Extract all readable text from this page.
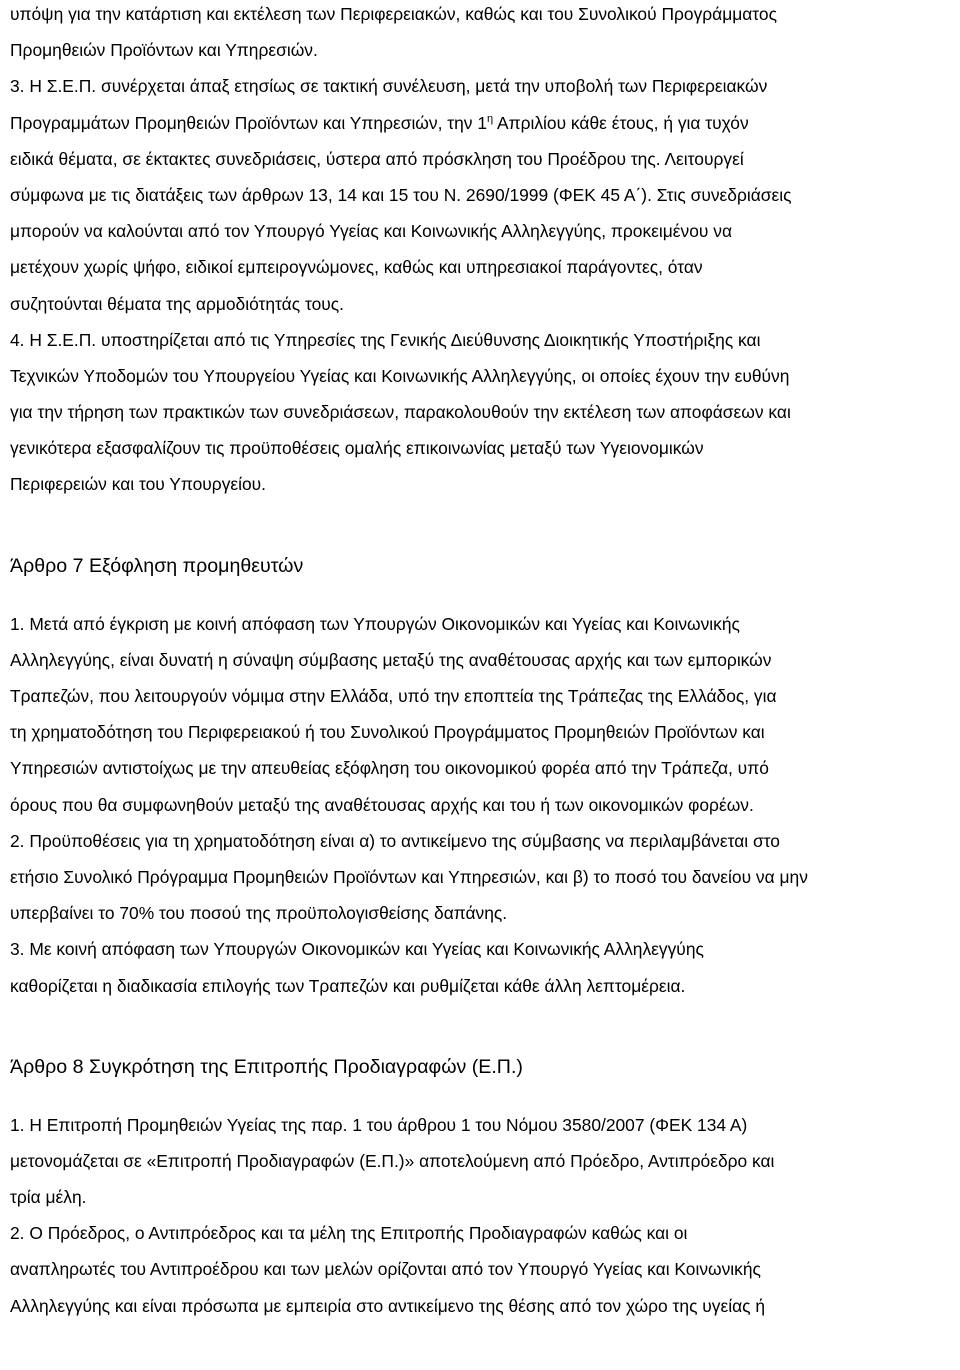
υπόψη για την κατάρτιση και εκτέλεση των Περιφερειακών, καθώς και του Συνολικού Προγράμματος
Προμηθειών Προϊόντων και Υπηρεσιών.
3. Η Σ.Ε.Π. συνέρχεται άπαξ ετησίως σε τακτική συνέλευση, μετά την υποβολή των Περιφερειακών
Προγραμμάτων Προμηθειών Προϊόντων και Υπηρεσιών, την $1^\eta$ Απριλίου κάθε έτους, ή για τυχόν
ειδικά θέματα, σε έκτακτες συνεδριάσεις, ύστερα από πρόσκληση του Προέδρου της. Λειτουργεί
σύμφωνα με τις διατάξεις των άρθρων 13, 14 και 15 του Ν. 2690/1999 (ΦΕΚ 45 Α΄). Στις συνεδριάσεις
μπορούν να καλούνται από τον Υπουργό Υγείας και Κοινωνικής Αλληλεγγύης, προκειμένου να
μετέχουν χωρίς ψήφο, ειδικοί εμπειρογνώμονες, καθώς και υπηρεσιακοί παράγοντες, όταν
συζητούνται θέματα της αρμοδιότητάς τους.
4. Η Σ.Ε.Π. υποστηρίζεται από τις Υπηρεσίες της Γενικής Διεύθυνσης Διοικητικής Υποστήριξης και
Τεχνικών Υποδομών του Υπουργείου Υγείας και Κοινωνικής Αλληλεγγύης, οι οποίες έχουν την ευθύνη
για την τήρηση των πρακτικών των συνεδριάσεων, παρακολουθούν την εκτέλεση των αποφάσεων και
γενικότερα εξασφαλίζουν τις προϋποθέσεις ομαλής επικοινωνίας μεταξύ των Υγειονομικών
Περιφερειών και του Υπουργείου.
Άρθρο 7 Εξόφληση προμηθευτών
1. Μετά από έγκριση με κοινή απόφαση των Υπουργών Οικονομικών και Υγείας και Κοινωνικής
Αλληλεγγύης, είναι δυνατή η σύναψη σύμβασης μεταξύ της αναθέτουσας αρχής και των εμπορικών
Τραπεζών, που λειτουργούν νόμιμα στην Ελλάδα, υπό την εποπτεία της Τράπεζας της Ελλάδος, για
τη χρηματοδότηση του Περιφερειακού ή του Συνολικού Προγράμματος Προμηθειών Προϊόντων και
Υπηρεσιών αντιστοίχως με την απευθείας εξόφληση του οικονομικού φορέα από την Τράπεζα, υπό
όρους που θα συμφωνηθούν μεταξύ της αναθέτουσας αρχής και του ή των οικονομικών φορέων.
2. Προϋποθέσεις για τη χρηματοδότηση είναι α) το αντικείμενο της σύμβασης να περιλαμβάνεται στο
ετήσιο Συνολικό Πρόγραμμα Προμηθειών Προϊόντων και Υπηρεσιών, και β) το ποσό του δανείου να μην
υπερβαίνει το 70% του ποσού της προϋπολογισθείσης δαπάνης.
3. Με κοινή απόφαση των Υπουργών Οικονομικών και Υγείας και Κοινωνικής Αλληλεγγύης
καθορίζεται η διαδικασία επιλογής των Τραπεζών και ρυθμίζεται κάθε άλλη λεπτομέρεια.
Άρθρο 8 Συγκρότηση της Επιτροπής Προδιαγραφών (Ε.Π.)
1. Η Επιτροπή Προμηθειών Υγείας της παρ. 1 του άρθρου 1 του Νόμου 3580/2007 (ΦΕΚ 134 Α)
μετονομάζεται σε «Επιτροπή Προδιαγραφών (Ε.Π.)» αποτελούμενη από Πρόεδρο, Αντιπρόεδρο και
τρία μέλη.
2. Ο Πρόεδρος, ο Αντιπρόεδρος και τα μέλη της Επιτροπής Προδιαγραφών καθώς και οι
αναπληρωτές του Αντιπροέδρου και των μελών ορίζονται από τον Υπουργό Υγείας και Κοινωνικής
Αλληλεγγύης και είναι πρόσωπα με εμπειρία στο αντικείμενο της θέσης από τον χώρο της υγείας ή
